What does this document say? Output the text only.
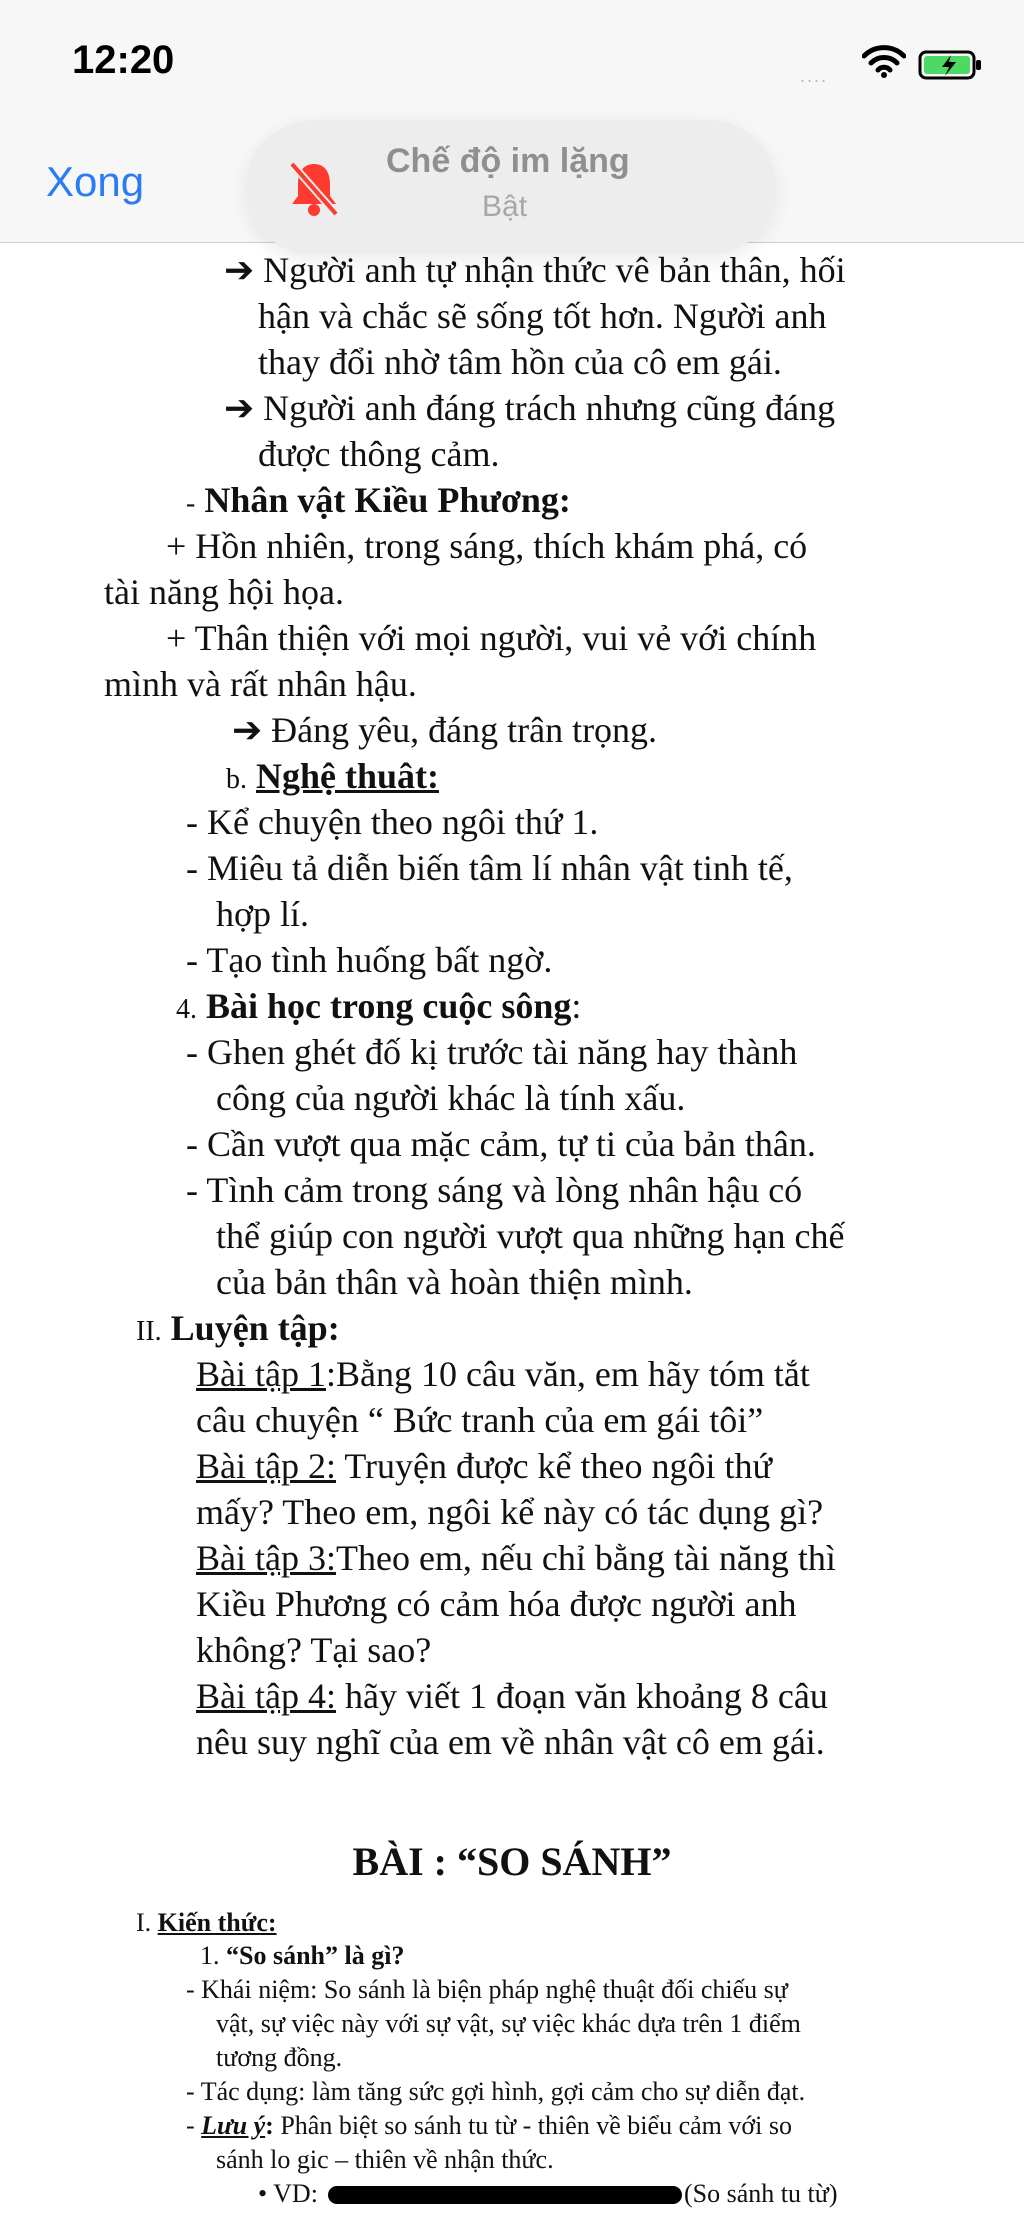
12:20	....
Xong	Chế độ im lặng
Bật
➔ Người anh tự nhận thức vê bản thân, hối
hận và chắc sẽ sống tốt hơn. Người anh
thay đổi nhờ tâm hồn của cô em gái.
➔ Người anh đáng trách nhưng cũng đáng
được thông cảm.
- Nhân vật Kiều Phương:
+ Hồn nhiên, trong sáng, thích khám phá, có
tài năng hội họa.
+ Thân thiện với mọi người, vui vẻ với chính
mình và rất nhân hậu.
➔ Đáng yêu, đáng trân trọng.
b. Nghệ thuât:
- Kể chuyện theo ngôi thứ 1.
- Miêu tả diễn biến tâm lí nhân vật tinh tế,
hợp lí.
- Tạo tình huống bất ngờ.
4. Bài học trong cuộc sông:
- Ghen ghét đố kị trước tài năng hay thành
công của người khác là tính xấu.
- Cần vượt qua mặc cảm, tự ti của bản thân.
- Tình cảm trong sáng và lòng nhân hậu có
thể giúp con người vượt qua những hạn chế
của bản thân và hoàn thiện mình.
II. Luyện tập:
Bài tập 1:Bằng 10 câu văn, em hãy tóm tắt
câu chuyện “ Bức tranh của em gái tôi”
Bài tập 2: Truyện được kể theo ngôi thứ
mấy? Theo em, ngôi kể này có tác dụng gì?
Bài tập 3:Theo em, nếu chỉ bằng tài năng thì
Kiều Phương có cảm hóa được người anh
không? Tại sao?
Bài tập 4: hãy viết 1 đoạn văn khoảng 8 câu
nêu suy nghĩ của em về nhân vật cô em gái.
BÀI : “SO SÁNH”
I. Kiến thức:
1. “So sánh” là gì?
- Khái niệm: So sánh là biện pháp nghệ thuật đối chiếu sự
vật, sự việc này với sự vật, sự việc khác dựa trên 1 điểm
tương đồng.
- Tác dụng: làm tăng sức gợi hình, gợi cảm cho sự diễn đạt.
- Lưu ý: Phân biệt so sánh tu từ - thiên về biểu cảm với so
sánh lo gic – thiên về nhận thức.
• VD:	(So sánh tu từ)
